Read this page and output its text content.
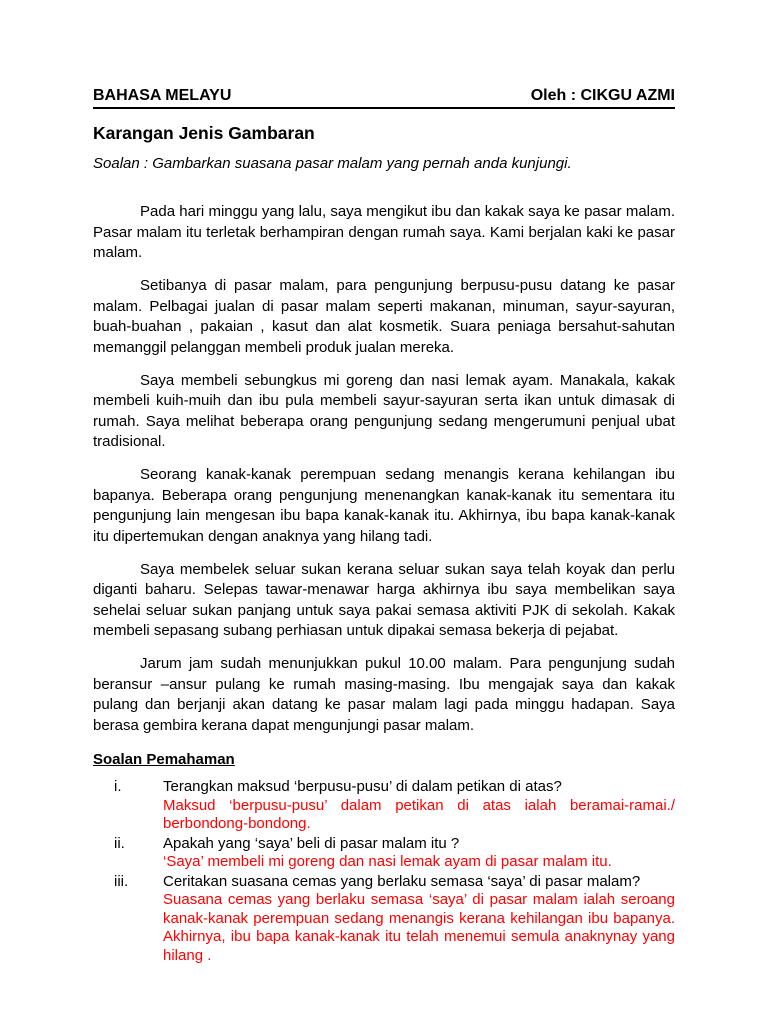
BAHASA MELAYU	Oleh : CIKGU AZMI
Karangan Jenis Gambaran
Soalan : Gambarkan suasana pasar malam yang pernah anda kunjungi.

Pada hari minggu yang lalu, saya mengikut ibu dan kakak saya ke pasar malam. Pasar malam itu terletak berhampiran dengan rumah saya. Kami berjalan kaki ke pasar malam.

Setibanya di pasar malam, para pengunjung berpusu-pusu datang ke pasar malam. Pelbagai jualan di pasar malam seperti makanan, minuman, sayur-sayuran, buah-buahan , pakaian , kasut dan alat kosmetik. Suara peniaga bersahut-sahutan memanggil pelanggan membeli produk jualan mereka.

Saya membeli sebungkus mi goreng dan nasi lemak ayam. Manakala, kakak membeli kuih-muih dan ibu pula membeli sayur-sayuran serta ikan untuk dimasak di rumah. Saya melihat beberapa orang pengunjung sedang mengerumuni penjual ubat tradisional.

Seorang kanak-kanak perempuan sedang menangis kerana kehilangan ibu bapanya. Beberapa orang pengunjung menenangkan kanak-kanak itu sementara itu pengunjung lain mengesan ibu bapa kanak-kanak itu. Akhirnya, ibu bapa kanak-kanak itu dipertemukan dengan anaknya yang hilang tadi.

Saya membelek seluar sukan kerana seluar sukan saya telah koyak dan perlu diganti baharu. Selepas tawar-menawar harga akhirnya ibu saya membelikan saya sehelai seluar sukan panjang untuk saya pakai semasa aktiviti PJK di sekolah. Kakak membeli sepasang subang perhiasan untuk dipakai semasa bekerja di pejabat.

Jarum jam sudah menunjukkan pukul 10.00 malam. Para pengunjung sudah beransur –ansur pulang ke rumah masing-masing. Ibu mengajak saya dan kakak pulang dan berjanji akan datang ke pasar malam lagi pada minggu hadapan. Saya berasa gembira kerana dapat mengunjungi pasar malam.

Soalan Pemahaman
i.	Terangkan maksud ‘berpusu-pusu’ di dalam petikan di atas?
Maksud ‘berpusu-pusu’ dalam petikan di atas ialah beramai-ramai./ berbondong-bondong.
ii.	Apakah yang ‘saya’ beli di pasar malam itu ?
‘Saya’ membeli mi goreng dan nasi lemak ayam di pasar malam itu.
iii.	Ceritakan suasana cemas yang berlaku semasa ‘saya’ di pasar malam?
Suasana cemas yang berlaku semasa ‘saya’ di pasar malam ialah seroang kanak-kanak perempuan sedang menangis kerana kehilangan ibu bapanya. Akhirnya, ibu bapa kanak-kanak itu telah menemui semula anaknynay yang hilang .
